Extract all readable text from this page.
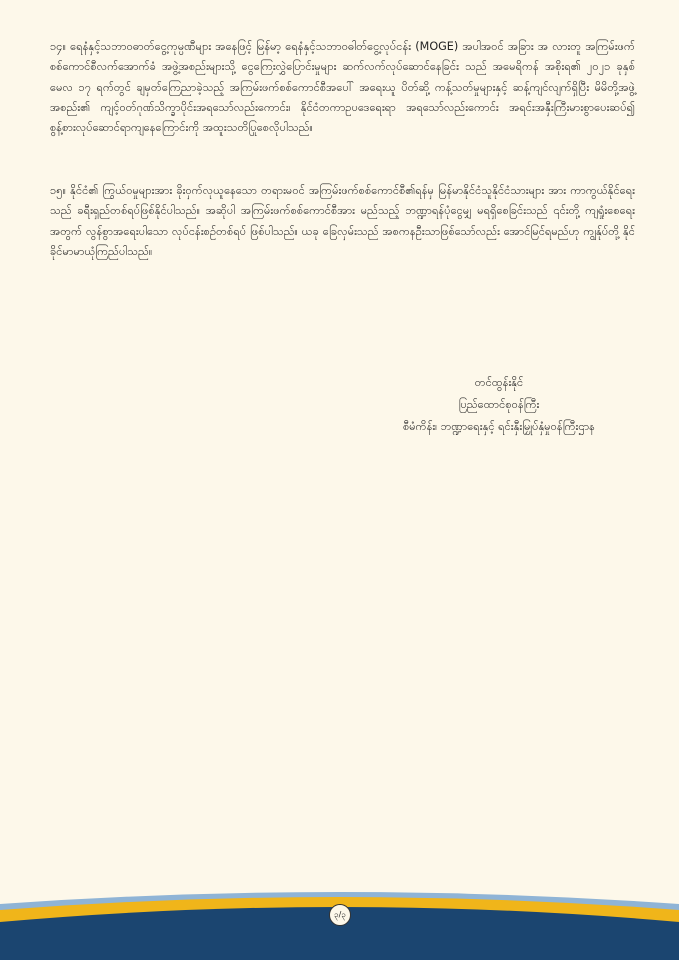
၁၄။ ရေနံနှင့်သဘာဝဓာတ်ငွေ့ကုမ္ပဏီများ အနေဖြင့် မြန်မာ့ ရေနံနှင့်သဘာဝဓါတ်ငွေ့လုပ်ငန်း (MOGE) အပါအဝင် အခြား အ လားတူ အကြမ်းဖက်စစ်ကောင်စီလက်အောက်ခံ အဖွဲ့အစည်းများသို့ ငွေကြေးလွှဲပြောင်းမှုများ ဆက်လက်လုပ်ဆောင်နေခြင်း သည် အမေရိကန် အစိုးရ၏ ၂၀၂၁ ခုနှစ် မေလ ၁၇ ရက်တွင် ချမှတ်ကြေညာခဲ့သည့် အကြမ်းဖက်စစ်ကောင်စီအပေါ် အရေးယူ ပိတ်ဆို့ ကန့်သတ်မှုများနှင့် ဆန့်ကျင်လျက်ရှိပြီး မိမိတို့အဖွဲ့အစည်း၏ ကျင့်ဝတ်ဂုဏ်သိက္ခာပိုင်းအရသော်လည်းကောင်း၊ နိုင်ငံတကာဥပဒေရေးရာ အရသော်လည်းကောင်း အရင်းအနှီးကြီးမားစွာပေးဆပ်၍ စွန့်စားလုပ်ဆောင်ရာကျနေကြောင်းကို အထူးသတိပြုစေလိုပါသည်။

၁၅။ နိုင်ငံ၏ ကြွယ်ဝမှုများအား ခိုးဝှက်လုယူနေသော တရားမဝင် အကြမ်းဖက်စစ်ကောင်စီ၏ရန်မှ မြန်မာနိုင်ငံသူနိုင်ငံသားများ အား ကာကွယ်နိုင်ရေးသည် ခရီးရှည်တစ်ရပ်ဖြစ်နိုင်ပါသည်။ အဆိုပါ အကြမ်းဖက်စစ်ကောင်စီအား မည်သည့် ဘဏ္ဍာရန်ပုံငွေမျှ မရရှိစေခြင်းသည် ၎င်းတို့ ကျရှုံးစေရေးအတွက် လွန်စွာအရေးပါသော လုပ်ငန်းစဉ်တစ်ရပ် ဖြစ်ပါသည်။ ယခု ခြေလှမ်းသည် အစကနဦးသာဖြစ်သော်လည်း အောင်မြင်ရမည်ဟု ကျွန်ုပ်တို့ နိုင်ခိုင်မာမာယုံကြည်ပါသည်။

တင်ထွန်းနိုင်
ပြည်ထောင်စုဝန်ကြီး
စီမံကိန်း၊ ဘဏ္ဍာရေးနှင့် ရင်းနှီးမြှုပ်နှံမှုဝန်ကြီးဌာန
၃/၃
